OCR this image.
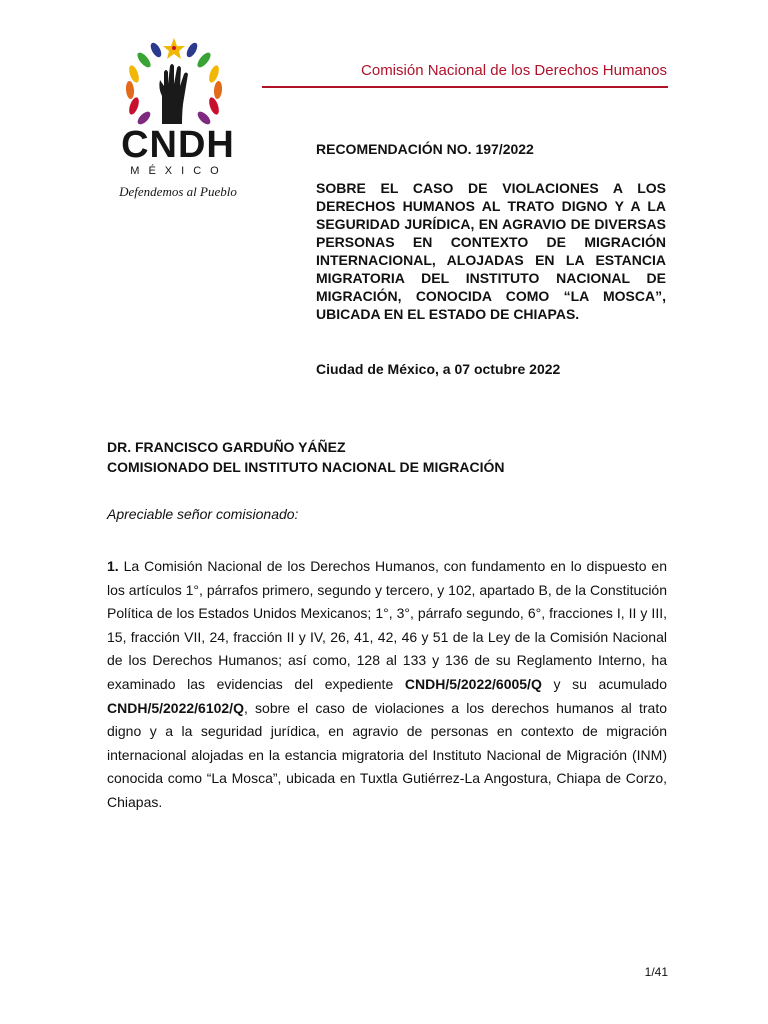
CNDH
MÉXICO
Defendemos al Pueblo
Comisión Nacional de los Derechos Humanos
RECOMENDACIÓN NO. 197/2022
SOBRE EL CASO DE VIOLACIONES A LOS DERECHOS HUMANOS AL TRATO DIGNO Y A LA SEGURIDAD JURÍDICA, EN AGRAVIO DE DIVERSAS PERSONAS EN CONTEXTO DE MIGRACIÓN INTERNACIONAL, ALOJADAS EN LA ESTANCIA MIGRATORIA DEL INSTITUTO NACIONAL DE MIGRACIÓN, CONOCIDA COMO “LA MOSCA”, UBICADA EN EL ESTADO DE CHIAPAS.
Ciudad de México, a 07 octubre 2022
DR. FRANCISCO GARDUÑO YÁÑEZ
COMISIONADO DEL INSTITUTO NACIONAL DE MIGRACIÓN
Apreciable señor comisionado:
1. La Comisión Nacional de los Derechos Humanos, con fundamento en lo dispuesto en los artículos 1°, párrafos primero, segundo y tercero, y 102, apartado B, de la Constitución Política de los Estados Unidos Mexicanos; 1°, 3°, párrafo segundo, 6°, fracciones I, II y III, 15, fracción VII, 24, fracción II y IV, 26, 41, 42, 46 y 51 de la Ley de la Comisión Nacional de los Derechos Humanos; así como, 128 al 133 y 136 de su Reglamento Interno, ha examinado las evidencias del expediente CNDH/5/2022/6005/Q y su acumulado CNDH/5/2022/6102/Q, sobre el caso de violaciones a los derechos humanos al trato digno y a la seguridad jurídica, en agravio de personas en contexto de migración internacional alojadas en la estancia migratoria del Instituto Nacional de Migración (INM) conocida como “La Mosca”, ubicada en Tuxtla Gutiérrez-La Angostura, Chiapa de Corzo, Chiapas.
1/41
